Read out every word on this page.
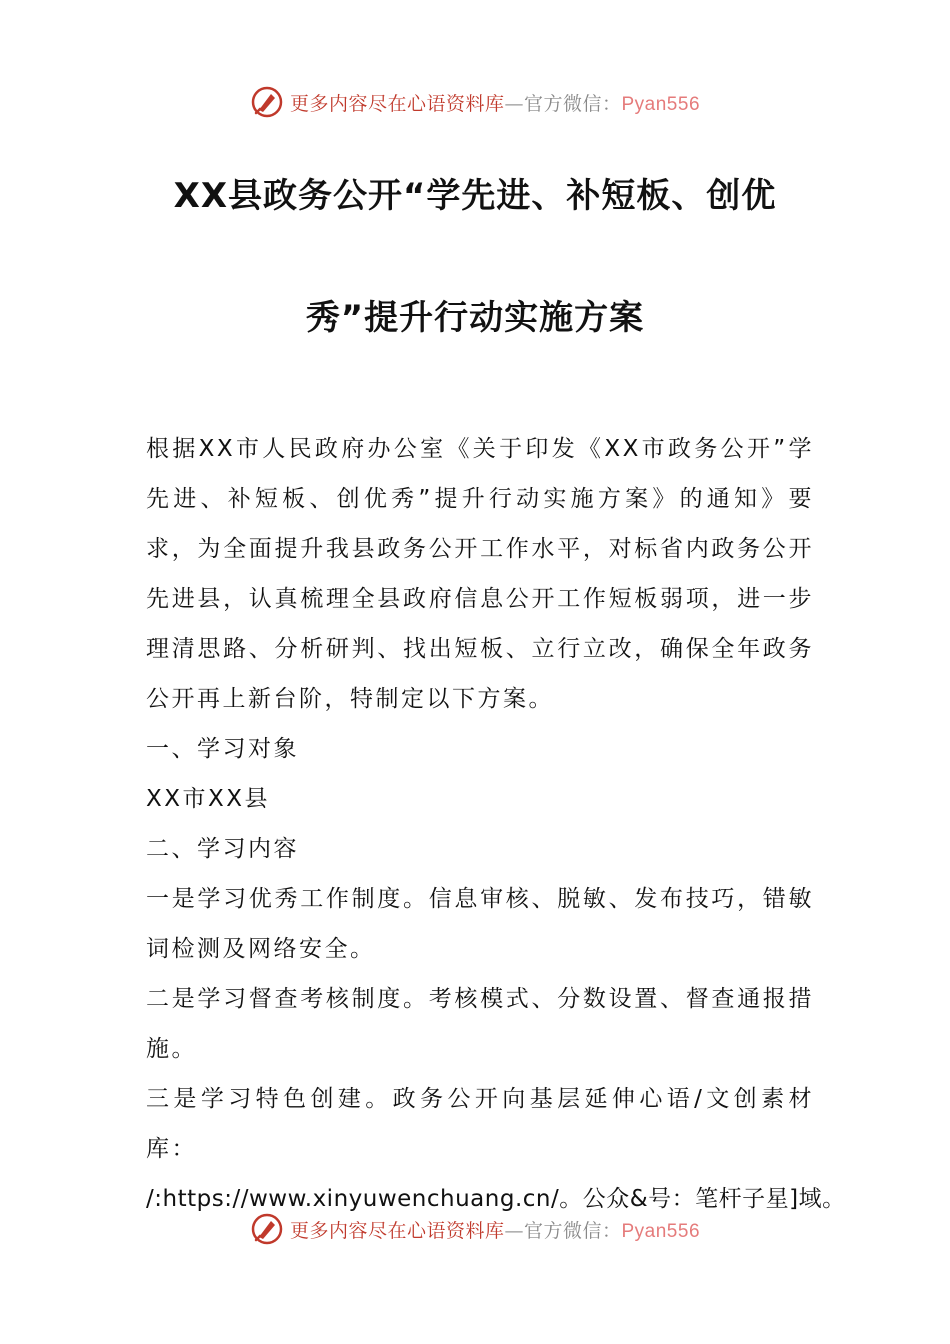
更多内容尽在心语资料库—官方微信：Pyan556
XX县政务公开“学先进、补短板、创优
秀”提升行动实施方案

根据XX市人民政府办公室《关于印发《XX市政务公开”学先进、补短板、创优秀”提升行动实施方案》的通知》要求，为全面提升我县政务公开工作水平，对标省内政务公开先进县，认真梳理全县政府信息公开工作短板弱项，进一步理清思路、分析研判、找出短板、立行立改，确保全年政务公开再上新台阶，特制定以下方案。

一、学习对象

XX市XX县

二、学习内容

一是学习优秀工作制度。信息审核、脱敏、发布技巧，错敏词检测及网络安全。

二是学习督查考核制度。考核模式、分数设置、督查通报措施。

三是学习特色创建。政务公开向基层延伸心语/文创素材库：

/:https://www.xinyuwenchuang.cn/。公众&号：笔杆子星]域。

更多内容尽在心语资料库—官方微信：Pyan556
